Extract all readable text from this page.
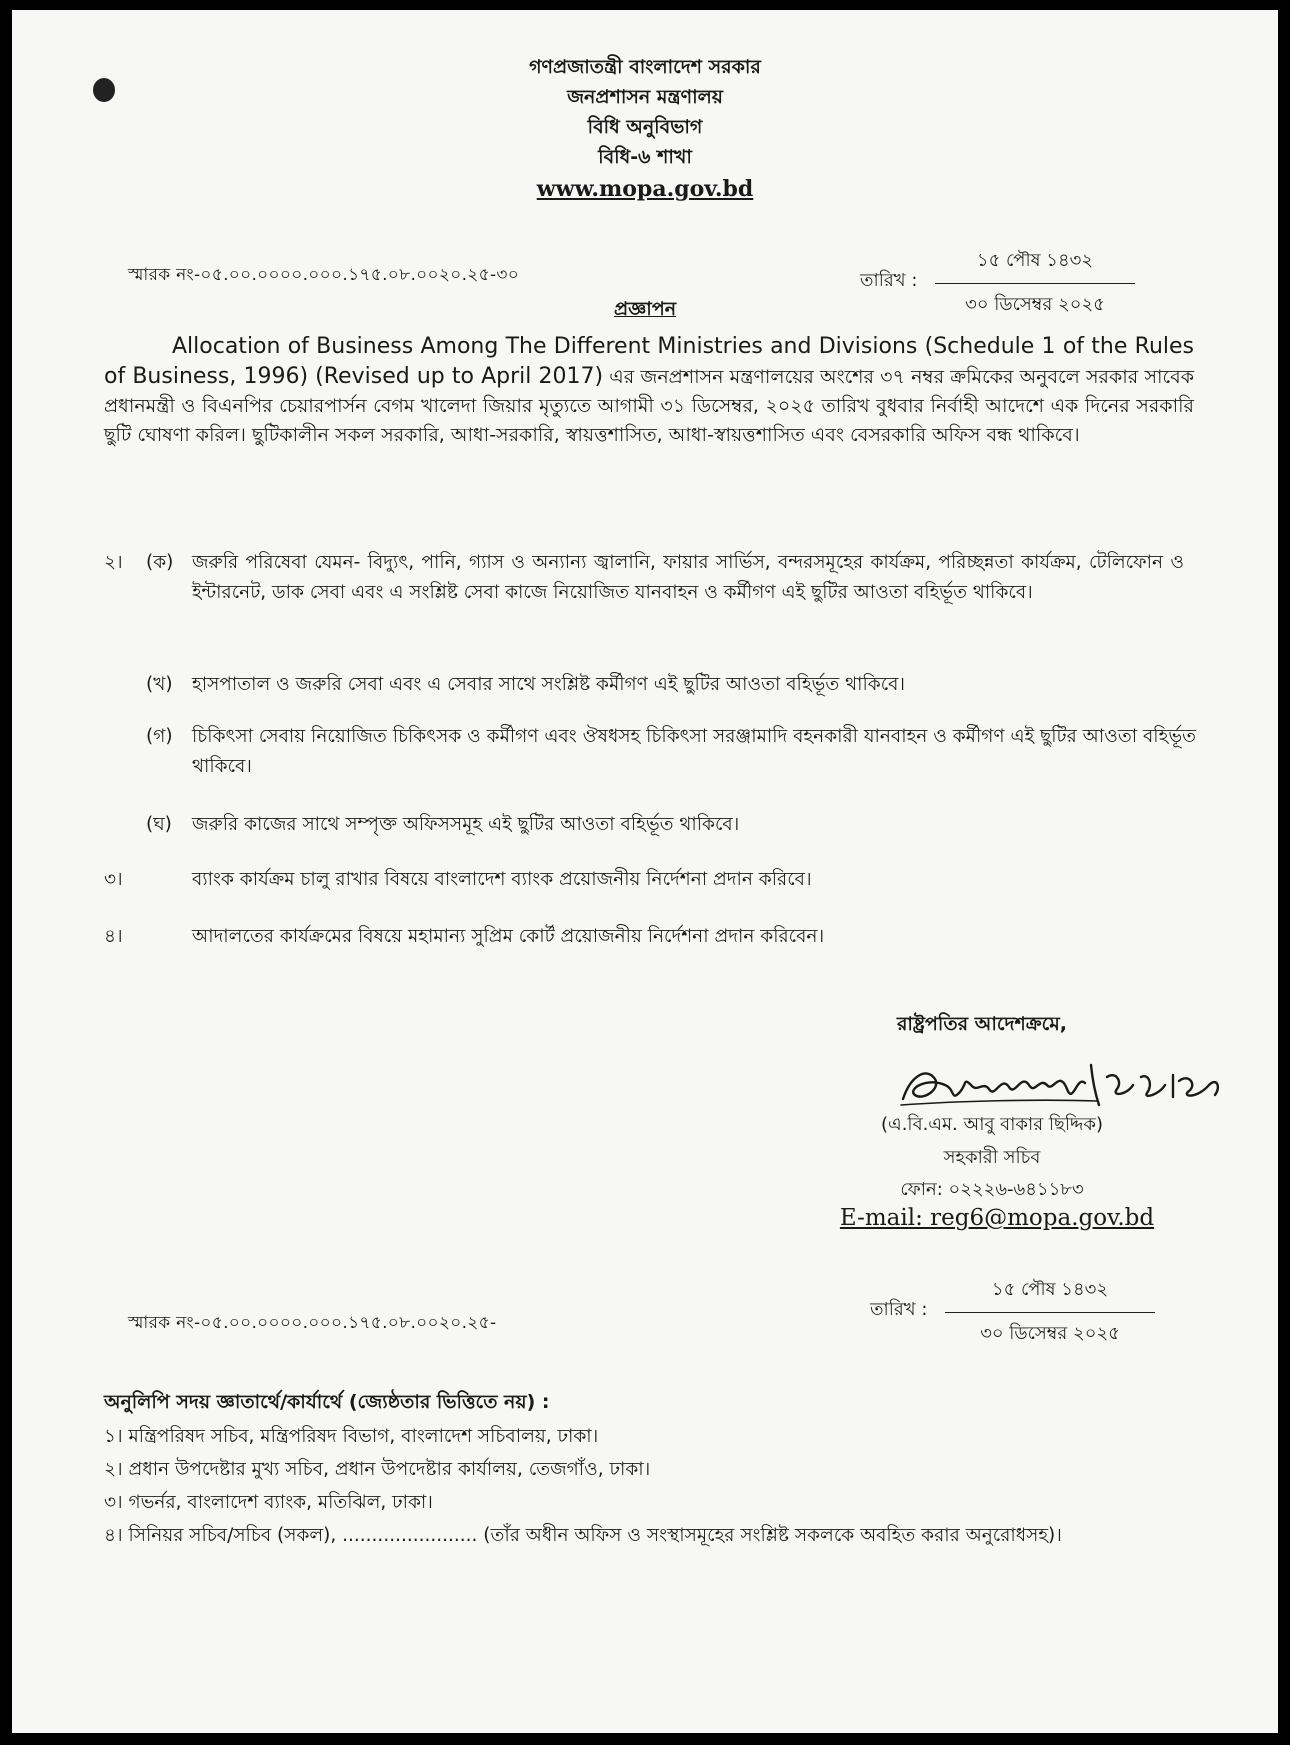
গণপ্রজাতন্ত্রী বাংলাদেশ সরকার
জনপ্রশাসন মন্ত্রণালয়
বিধি অনুবিভাগ
বিধি-৬ শাখা
www.mopa.gov.bd
স্মারক নং-০৫.০০.০০০০.০০০.১৭৫.০৮.০০২০.২৫-৩০	তারিখ :
১৫ পৌষ ১৪৩২
৩০ ডিসেম্বর ২০২৫
প্রজ্ঞাপন
Allocation of Business Among The Different Ministries and Divisions (Schedule 1 of the Rules of Business, 1996) (Revised up to April 2017) এর জনপ্রশাসন মন্ত্রণালয়ের অংশের ৩৭ নম্বর ক্রমিকের অনুবলে সরকার সাবেক প্রধানমন্ত্রী ও বিএনপির চেয়ারপার্সন বেগম খালেদা জিয়ার মৃত্যুতে আগামী ৩১ ডিসেম্বর, ২০২৫ তারিখ বুধবার নির্বাহী আদেশে এক দিনের সরকারি ছুটি ঘোষণা করিল। ছুটিকালীন সকল সরকারি, আধা-সরকারি, স্বায়ত্তশাসিত, আধা-স্বায়ত্তশাসিত এবং বেসরকারি অফিস বন্ধ থাকিবে।
২। (ক) জরুরি পরিষেবা যেমন- বিদ্যুৎ, পানি, গ্যাস ও অন্যান্য জ্বালানি, ফায়ার সার্ভিস, বন্দরসমূহের কার্যক্রম, পরিচ্ছন্নতা কার্যক্রম, টেলিফোন ও ইন্টারনেট, ডাক সেবা এবং এ সংশ্লিষ্ট সেবা কাজে নিয়োজিত যানবাহন ও কর্মীগণ এই ছুটির আওতা বহির্ভূত থাকিবে।
(খ) হাসপাতাল ও জরুরি সেবা এবং এ সেবার সাথে সংশ্লিষ্ট কর্মীগণ এই ছুটির আওতা বহির্ভূত থাকিবে।
(গ) চিকিৎসা সেবায় নিয়োজিত চিকিৎসক ও কর্মীগণ এবং ঔষধসহ চিকিৎসা সরঞ্জামাদি বহনকারী যানবাহন ও কর্মীগণ এই ছুটির আওতা বহির্ভূত থাকিবে।
(ঘ) জরুরি কাজের সাথে সম্পৃক্ত অফিসসমূহ এই ছুটির আওতা বহির্ভূত থাকিবে।
৩।	ব্যাংক কার্যক্রম চালু রাখার বিষয়ে বাংলাদেশ ব্যাংক প্রয়োজনীয় নির্দেশনা প্রদান করিবে।
৪।	আদালতের কার্যক্রমের বিষয়ে মহামান্য সুপ্রিম কোর্ট প্রয়োজনীয় নির্দেশনা প্রদান করিবেন।
রাষ্ট্রপতির আদেশক্রমে,
(এ.বি.এম. আবু বাকার ছিদ্দিক)
সহকারী সচিব
ফোন: ০২২২৬-৬৪১১৮৩
E-mail: reg6@mopa.gov.bd
স্মারক নং-০৫.০০.০০০০.০০০.১৭৫.০৮.০০২০.২৫-
তারিখ :
১৫ পৌষ ১৪৩২
৩০ ডিসেম্বর ২০২৫
অনুলিপি সদয় জ্ঞাতার্থে/কার্যার্থে (জ্যেষ্ঠতার ভিত্তিতে নয়) :
১। মন্ত্রিপরিষদ সচিব, মন্ত্রিপরিষদ বিভাগ, বাংলাদেশ সচিবালয়, ঢাকা।
২। প্রধান উপদেষ্টার মুখ্য সচিব, প্রধান উপদেষ্টার কার্যালয়, তেজগাঁও, ঢাকা।
৩। গভর্নর, বাংলাদেশ ব্যাংক, মতিঝিল, ঢাকা।
৪। সিনিয়র সচিব/সচিব (সকল), ....................... (তাঁর অধীন অফিস ও সংস্থাসমূহের সংশ্লিষ্ট সকলকে অবহিত করার অনুরোধসহ)।
